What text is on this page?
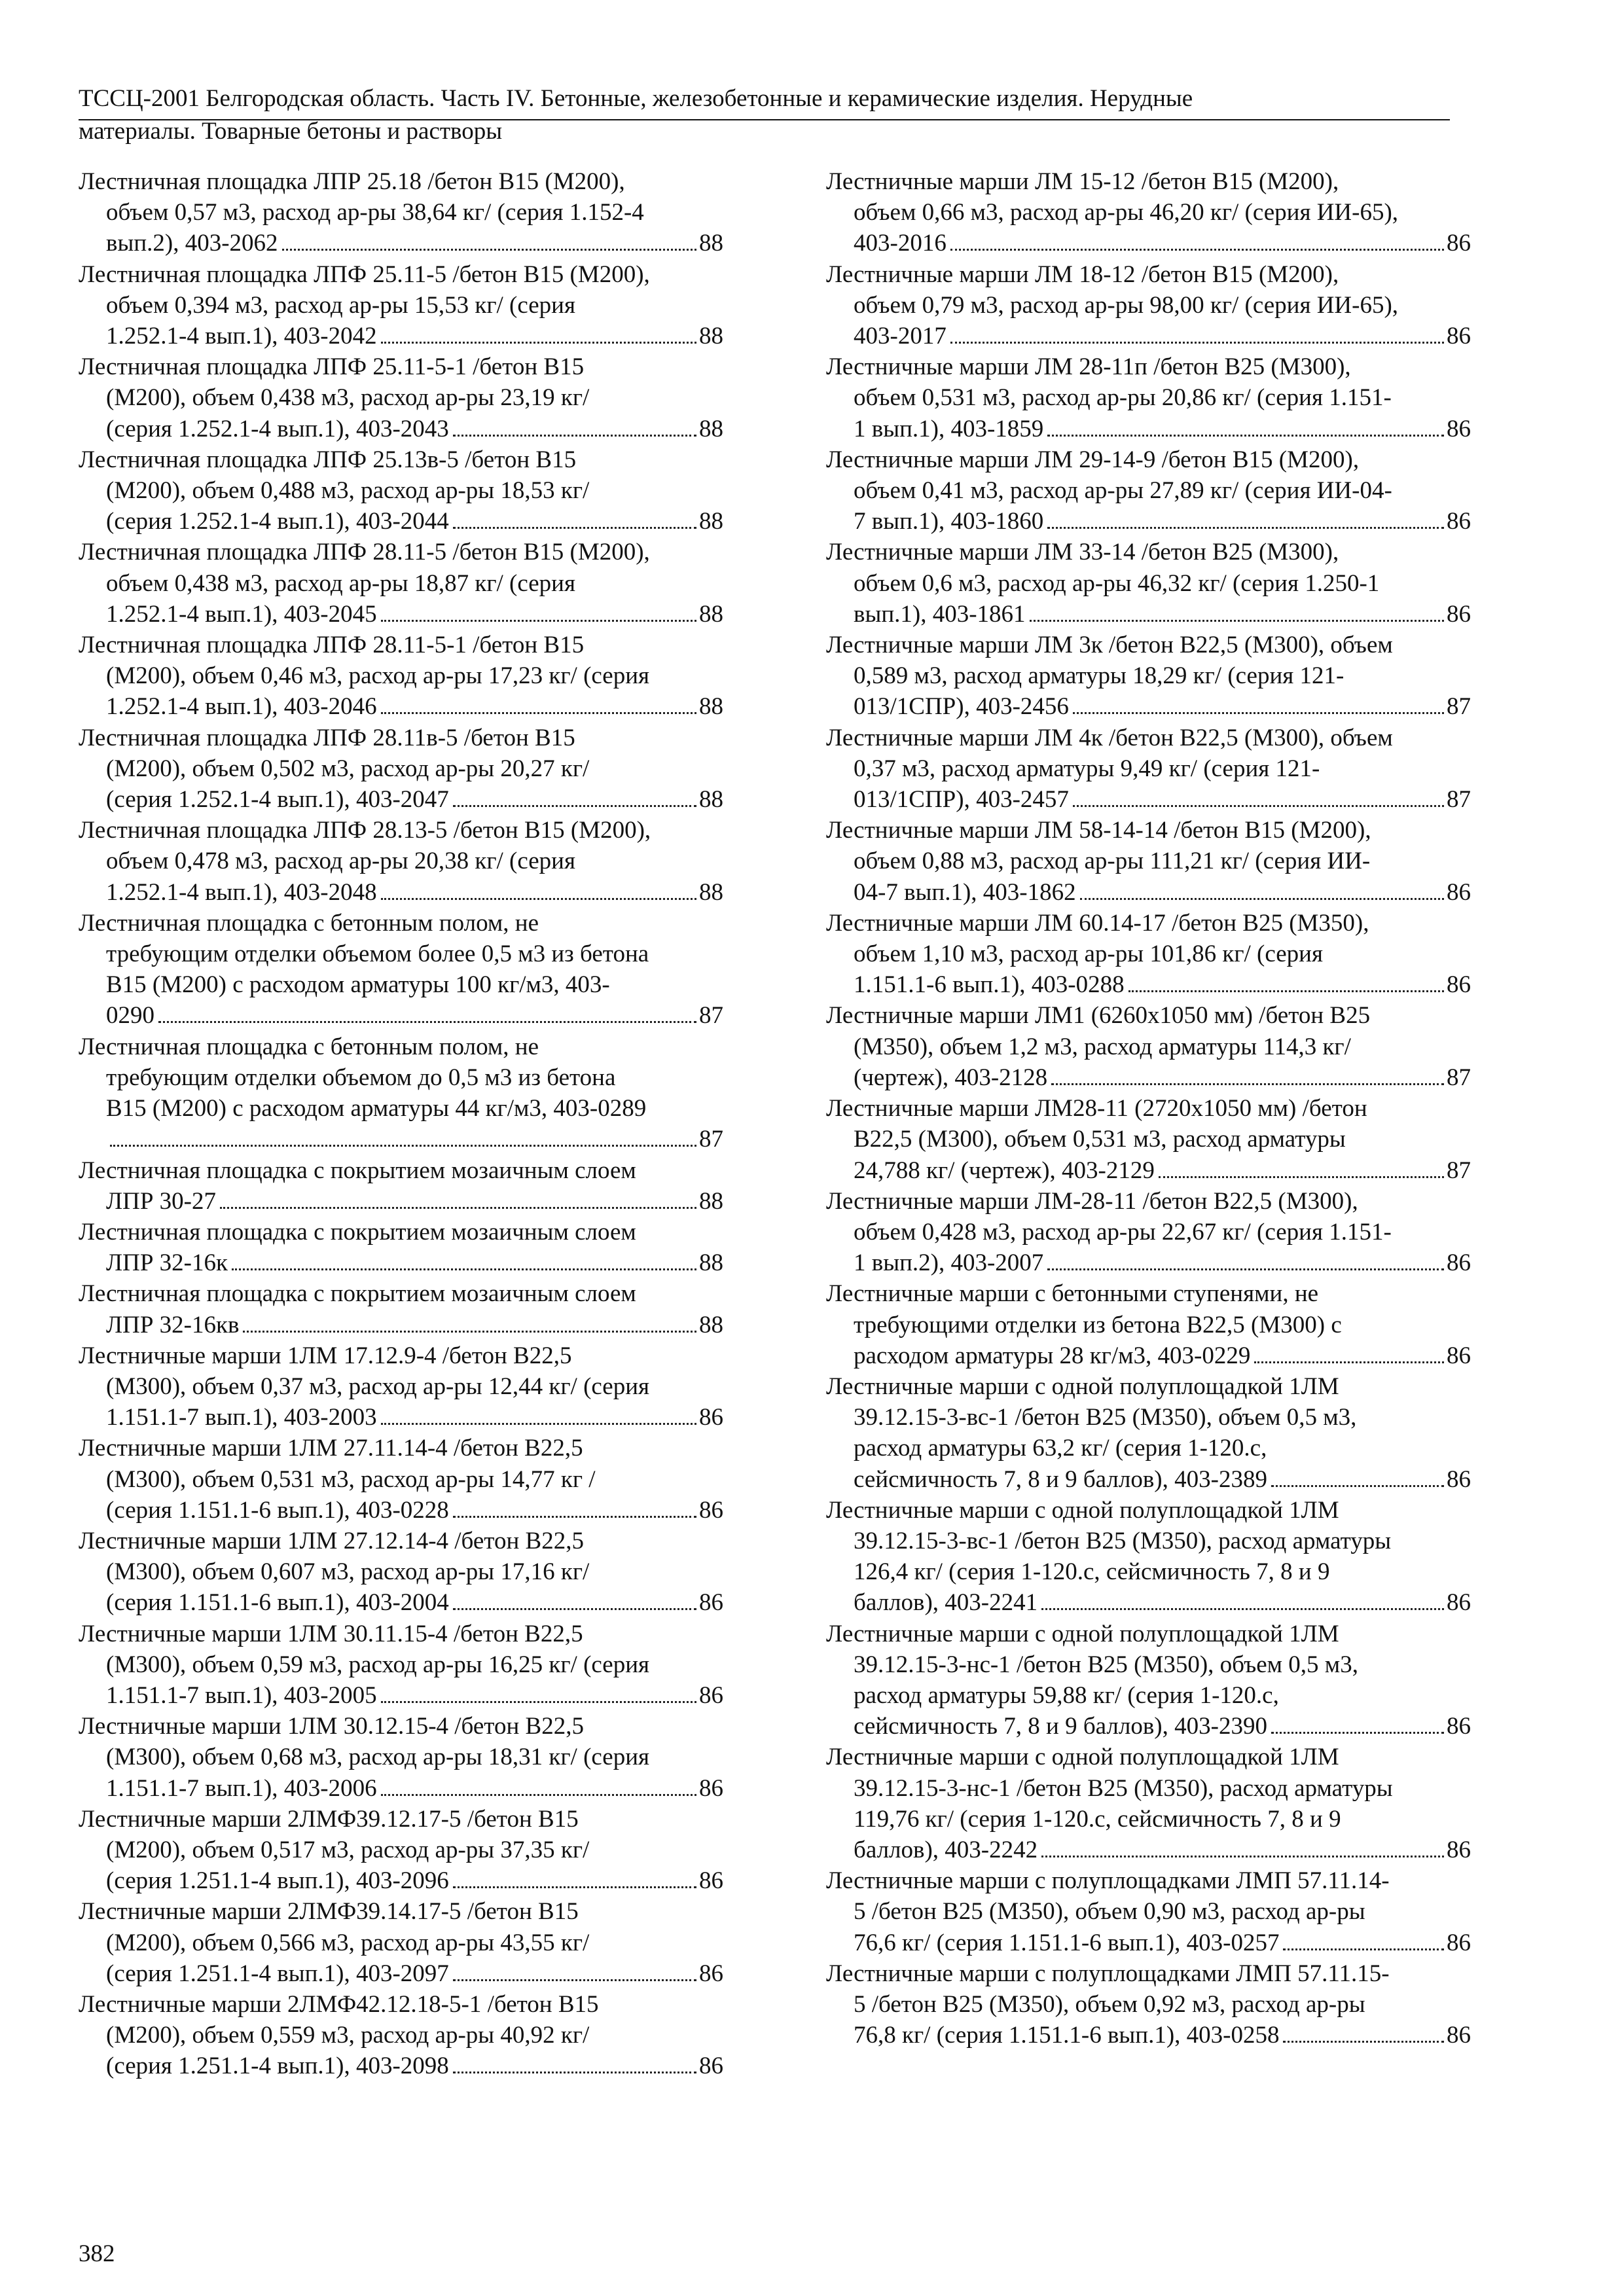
ТССЦ-2001 Белгородская область. Часть IV. Бетонные, железобетонные и керамические изделия. Нерудные
материалы. Товарные бетоны и растворы
Лестничная площадка ЛПР 25.18 /бетон В15 (М200),
объем 0,57 м3, расход ар-ры 38,64 кг/ (серия 1.152-4
вып.2), 403-2062	88
Лестничная площадка ЛПФ 25.11-5 /бетон В15 (М200),
объем 0,394 м3, расход ар-ры 15,53 кг/ (серия
1.252.1-4 вып.1), 403-2042	88
Лестничная площадка ЛПФ 25.11-5-1 /бетон В15
(М200), объем 0,438 м3, расход ар-ры 23,19 кг/
(серия 1.252.1-4 вып.1), 403-2043	88
Лестничная площадка ЛПФ 25.13в-5 /бетон В15
(М200), объем 0,488 м3, расход ар-ры 18,53 кг/
(серия 1.252.1-4 вып.1), 403-2044	88
Лестничная площадка ЛПФ 28.11-5 /бетон В15 (М200),
объем 0,438 м3, расход ар-ры 18,87 кг/ (серия
1.252.1-4 вып.1), 403-2045	88
Лестничная площадка ЛПФ 28.11-5-1 /бетон В15
(М200), объем 0,46 м3, расход ар-ры 17,23 кг/ (серия
1.252.1-4 вып.1), 403-2046	88
Лестничная площадка ЛПФ 28.11в-5 /бетон В15
(М200), объем 0,502 м3, расход ар-ры 20,27 кг/
(серия 1.252.1-4 вып.1), 403-2047	88
Лестничная площадка ЛПФ 28.13-5 /бетон В15 (М200),
объем 0,478 м3, расход ар-ры 20,38 кг/ (серия
1.252.1-4 вып.1), 403-2048	88
Лестничная площадка с бетонным полом, не
требующим отделки объемом более 0,5 м3 из бетона
В15 (М200) с расходом арматуры 100 кг/м3, 403-
0290	87
Лестничная площадка с бетонным полом, не
требующим отделки объемом до 0,5 м3 из бетона
В15 (М200) с расходом арматуры 44 кг/м3, 403-0289
87
Лестничная площадка с покрытием мозаичным слоем
ЛПР 30-27	88
Лестничная площадка с покрытием мозаичным слоем
ЛПР 32-16к	88
Лестничная площадка с покрытием мозаичным слоем
ЛПР 32-16кв	88
Лестничные марши 1ЛМ 17.12.9-4 /бетон В22,5
(М300), объем 0,37 м3, расход ар-ры 12,44 кг/ (серия
1.151.1-7 вып.1), 403-2003	86
Лестничные марши 1ЛМ 27.11.14-4 /бетон В22,5
(М300), объем 0,531 м3, расход ар-ры 14,77 кг /
(серия 1.151.1-6 вып.1), 403-0228	86
Лестничные марши 1ЛМ 27.12.14-4 /бетон В22,5
(М300), объем 0,607 м3, расход ар-ры 17,16 кг/
(серия 1.151.1-6 вып.1), 403-2004	86
Лестничные марши 1ЛМ 30.11.15-4 /бетон В22,5
(М300), объем 0,59 м3, расход ар-ры 16,25 кг/ (серия
1.151.1-7 вып.1), 403-2005	86
Лестничные марши 1ЛМ 30.12.15-4 /бетон В22,5
(М300), объем 0,68 м3, расход ар-ры 18,31 кг/ (серия
1.151.1-7 вып.1), 403-2006	86
Лестничные марши 2ЛМФ39.12.17-5 /бетон В15
(М200), объем 0,517 м3, расход ар-ры 37,35 кг/
(серия 1.251.1-4 вып.1), 403-2096	86
Лестничные марши 2ЛМФ39.14.17-5 /бетон В15
(М200), объем 0,566 м3, расход ар-ры 43,55 кг/
(серия 1.251.1-4 вып.1), 403-2097	86
Лестничные марши 2ЛМФ42.12.18-5-1 /бетон В15
(М200), объем 0,559 м3, расход ар-ры 40,92 кг/
(серия 1.251.1-4 вып.1), 403-2098	86
Лестничные марши ЛМ 15-12 /бетон В15 (М200),
объем 0,66 м3, расход ар-ры 46,20 кг/ (серия ИИ-65),
403-2016	86
Лестничные марши ЛМ 18-12 /бетон В15 (М200),
объем 0,79 м3, расход ар-ры 98,00 кг/ (серия ИИ-65),
403-2017	86
Лестничные марши ЛМ 28-11п /бетон В25 (М300),
объем 0,531 м3, расход ар-ры 20,86 кг/ (серия 1.151-
1 вып.1), 403-1859	86
Лестничные марши ЛМ 29-14-9 /бетон В15 (М200),
объем 0,41 м3, расход ар-ры 27,89 кг/ (серия ИИ-04-
7 вып.1), 403-1860	86
Лестничные марши ЛМ 33-14 /бетон В25 (М300),
объем 0,6 м3, расход ар-ры 46,32 кг/ (серия 1.250-1
вып.1), 403-1861	86
Лестничные марши ЛМ 3к /бетон В22,5 (М300), объем
0,589 м3, расход арматуры 18,29 кг/ (серия 121-
013/1СПР), 403-2456	87
Лестничные марши ЛМ 4к /бетон В22,5 (М300), объем
0,37 м3, расход арматуры 9,49 кг/ (серия 121-
013/1СПР), 403-2457	87
Лестничные марши ЛМ 58-14-14 /бетон В15 (М200),
объем 0,88 м3, расход ар-ры 111,21 кг/ (серия ИИ-
04-7 вып.1), 403-1862	86
Лестничные марши ЛМ 60.14-17 /бетон В25 (М350),
объем 1,10 м3, расход ар-ры 101,86 кг/ (серия
1.151.1-6 вып.1), 403-0288	86
Лестничные марши ЛМ1 (6260х1050 мм) /бетон В25
(М350), объем 1,2 м3, расход арматуры 114,3 кг/
(чертеж), 403-2128	87
Лестничные марши ЛМ28-11 (2720х1050 мм) /бетон
В22,5 (М300), объем 0,531 м3, расход арматуры
24,788 кг/ (чертеж), 403-2129	87
Лестничные марши ЛМ-28-11 /бетон В22,5 (М300),
объем 0,428 м3, расход ар-ры 22,67 кг/ (серия 1.151-
1 вып.2), 403-2007	86
Лестничные марши с бетонными ступенями, не
требующими отделки из бетона В22,5 (М300) с
расходом арматуры 28 кг/м3, 403-0229	86
Лестничные марши с одной полуплощадкой 1ЛМ
39.12.15-3-вс-1 /бетон В25 (М350), объем 0,5 м3,
расход арматуры 63,2 кг/ (серия 1-120.с,
сейсмичность 7, 8 и 9 баллов), 403-2389	86
Лестничные марши с одной полуплощадкой 1ЛМ
39.12.15-3-вс-1 /бетон В25 (М350), расход арматуры
126,4 кг/ (серия 1-120.с, сейсмичность 7, 8 и 9
баллов), 403-2241	86
Лестничные марши с одной полуплощадкой 1ЛМ
39.12.15-3-нс-1 /бетон В25 (М350), объем 0,5 м3,
расход арматуры 59,88 кг/ (серия 1-120.с,
сейсмичность 7, 8 и 9 баллов), 403-2390	86
Лестничные марши с одной полуплощадкой 1ЛМ
39.12.15-3-нс-1 /бетон В25 (М350), расход арматуры
119,76 кг/ (серия 1-120.с, сейсмичность 7, 8 и 9
баллов), 403-2242	86
Лестничные марши с полуплощадками ЛМП 57.11.14-
5 /бетон В25 (М350), объем 0,90 м3, расход ар-ры
76,6 кг/ (серия 1.151.1-6 вып.1), 403-0257	86
Лестничные марши с полуплощадками ЛМП 57.11.15-
5 /бетон В25 (М350), объем 0,92 м3, расход ар-ры
76,8 кг/ (серия 1.151.1-6 вып.1), 403-0258	86
382
